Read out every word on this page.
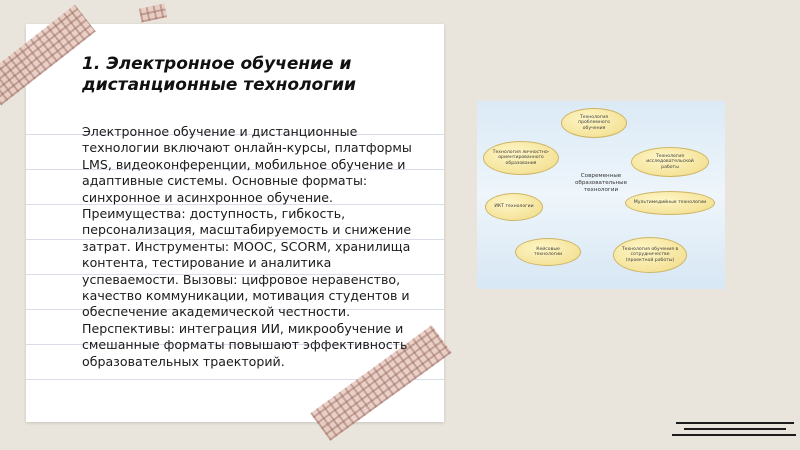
1. Электронное обучение и дистанционные технологии

Электронное обучение и дистанционные технологии включают онлайн-курсы, платформы LMS, видеоконференции, мобильное обучение и адаптивные системы. Основные форматы: синхронное и асинхронное обучение. Преимущества: доступность, гибкость, персонализация, масштабируемость и снижение затрат. Инструменты: MOOC, SCORM, хранилища контента, тестирование и аналитика успеваемости. Вызовы: цифровое неравенство, качество коммуникации, мотивация студентов и обеспечение академической честности. Перспективы: интеграция ИИ, микрообучение и смешанные форматы повышают эффективность образовательных траекторий.

Современные образовательные технологии
Технология проблемного обучения
Технология исследовательской работы
Мультимедийные технологии
Технология обучения в сотрудничестве (проектной работы)
Кейсовые технологии
ИКТ технологии
Технология личностно-ориентированного образования
